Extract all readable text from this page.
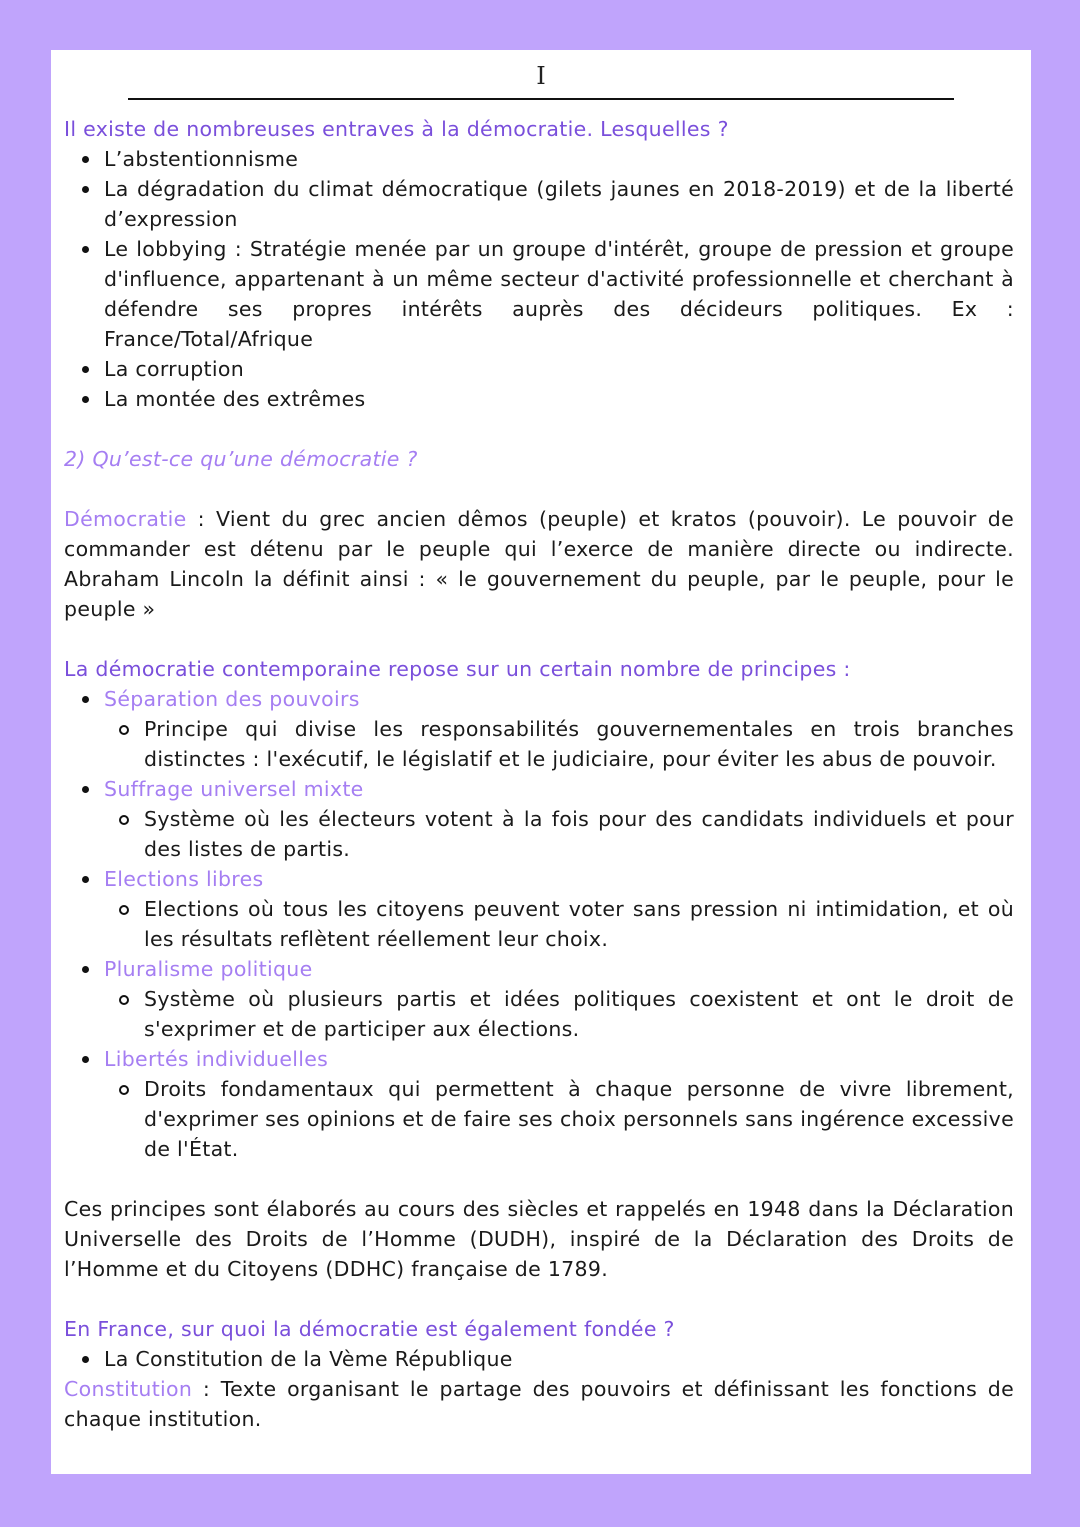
I

Il existe de nombreuses entraves à la démocratie. Lesquelles ?

L’abstentionnisme
La dégradation du climat démocratique (gilets jaunes en 2018-2019) et de la liberté d’expression
Le lobbying : Stratégie menée par un groupe d'intérêt, groupe de pression et groupe d'influence, appartenant à un même secteur d'activité professionnelle et cherchant à défendre ses propres intérêts auprès des décideurs politiques. Ex : France/Total/Afrique
La corruption
La montée des extrêmes

2) Qu’est-ce qu’une démocratie ?

Démocratie : Vient du grec ancien dêmos (peuple) et kratos (pouvoir). Le pouvoir de commander est détenu par le peuple qui l’exerce de manière directe ou indirecte. Abraham Lincoln la définit ainsi : « le gouvernement du peuple, par le peuple, pour le peuple »

La démocratie contemporaine repose sur un certain nombre de principes :

Séparation des pouvoirs
Principe qui divise les responsabilités gouvernementales en trois branches distinctes : l'exécutif, le législatif et le judiciaire, pour éviter les abus de pouvoir.
Suffrage universel mixte
Système où les électeurs votent à la fois pour des candidats individuels et pour des listes de partis.
Elections libres
Elections où tous les citoyens peuvent voter sans pression ni intimidation, et où les résultats reflètent réellement leur choix.
Pluralisme politique
Système où plusieurs partis et idées politiques coexistent et ont le droit de s'exprimer et de participer aux élections.
Libertés individuelles
Droits fondamentaux qui permettent à chaque personne de vivre librement, d'exprimer ses opinions et de faire ses choix personnels sans ingérence excessive de l'État.

Ces principes sont élaborés au cours des siècles et rappelés en 1948 dans la Déclaration Universelle des Droits de l’Homme (DUDH), inspiré de la Déclaration des Droits de l’Homme et du Citoyens (DDHC) française de 1789.

En France, sur quoi la démocratie est également fondée ?

La Constitution de la Vème République

Constitution : Texte organisant le partage des pouvoirs et définissant les fonctions de chaque institution.
